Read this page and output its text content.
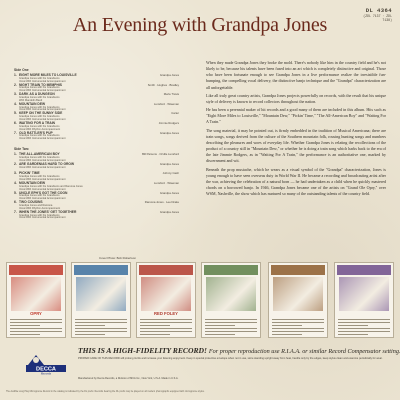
DL 4364
(ZDL 7137 · ZDL 7138)
An Evening with Grandpa Jones
Side One
1. EIGHT MORE MILES TO LOUISVILLE	Grandpa Jones
Grandpa Jones with his Grandsons
Vocal With Instrumental Accompaniment
2. NIGHT TRAIN TO MEMPHIS	Smith · Hughes · Bradley
Grandpa Jones with his Grandsons
Vocal With Instrumental Accompaniment
3. DARK AS A DUNGEON	Merle Travis
Grandpa Jones with his Grandsons
With Mandolin Band
4. MOUNTAIN DEW	Lunsford · Wiseman
Grandpa Jones with his Grandsons
Vocal With Instrumental Accompaniment
5. KEEP ON THE SUNNY SIDE	Carter
Grandpa Jones with his Grandsons
Vocal With Instrumental Accompaniment
6. WAITING FOR A TRAIN	Jimmie Rodgers
Grandpa Jones with his Grandsons
Vocal With Rhythm Accompaniment
7. OLD RATTLER'S PUP	Grandpa Jones
Grandpa Jones with his Grandsons
Vocal With Instrumental Accompaniment
Side Two
1. THE ALL-AMERICAN BOY	Bill Parsons · Orville Lunsford
Grandpa Jones with his Grandsons
Vocal With Instrumental Accompaniment
2. ARE GARDENIAS HARD TO GROW	Grandpa Jones
Vocal With Instrumental Accompaniment
3. PICKIN' TIME	Johnny Cash
Grandpa Jones with his Grandsons
Vocal With Instrumental Accompaniment
4. MOUNTAIN DEW	Lunsford · Wiseman
Grandpa Jones with his Grandsons and Ramona Jones
Vocal With Instrumental Accompaniment
5. UNCLE EPH'S GOT THE COON	Grandpa Jones
Grandpa Jones with his Grandsons
Vocal With Instrumental Accompaniment
6. TWO COUSINS	Ramona Jones · Lee Drake
Grandpa Jones and Ramona
Vocal With Rhythm Accompaniment
7. WHEN THE JONES' GET TOGETHER	Grandpa Jones
Grandpa Jones with his Grandsons
Vocal With Instrumental Accompaniment
Cover Photo: Bob Robertson

When they made Grandpa Jones they broke the mold. There's nobody like him in the country field and he's not likely to be, because his talents have been fused into an art which is completely distinctive and original. Those who have been fortunate enough to see Grandpa Jones in a live performance realize the irresistible fun-bumping, the compelling vocal delivery, the distinctive banjo technique and the "Grandpa" characterization are all unforgettable.

Like all truly great country artists, Grandpa Jones projects powerfully on records, with the result that his unique style of delivery is known to record collectors throughout the nation.

He has been a perennial maker of hit records and a good many of them are included in this album. Hits such as "Eight More Miles to Louisville," "Mountain Dew," "Pickin' Time," "The All-American Boy" and "Waiting For A Train."

The song material, it may be pointed out, is firmly embedded in the tradition of Musical Americana; there are train songs, songs derived from the culture of the Southern mountain folk, rousing hunting songs and numbers describing the pleasures and woes of everyday life. Whether Grandpa Jones is relating the recollections of the product of a country still in "Mountain Dew," or whether he is doing a train song which harks back to the era of the late Jimmie Rodgers, as in "Waiting For A Train," the performance is an authoritative one, marked by discernment and wit.

Beneath the prop mustache, which he wears as a visual symbol of the "Grandpa" characterization, Jones is young enough to have seen overseas duty in World War II. He became a recording and broadcasting artist after the war, achieving the celebration of a natural born — he had undertaken as a child when he quickly mastered chords on a borrowed banjo. In 1946, Grandpa Jones became one of the artists on "Grand Ole Opry," over WSM, Nashville, the show which has nurtured so many of the outstanding talents of the country field.

OPRY	RED FOLEY
DECCA
Records
THIS IS A HIGH-FIDELITY RECORD! For proper reproduction use R.I.A.A. or similar Record Compensator setting.
PROPER CARE OF THIS RECORD will prolong its life and increase your listening enjoyment. Keep in special protective envelope when not in use, store standing upright away from heat, handle only by the edges, keep stylus clean and examine periodically for wear.
Manufactured by Decca Records, a Division of MCA Inc., New York, U.S.A. Made in U.S.A.
The Audible Long Play Microgroove Record in the catalog is indicated by the DL prefix. Records bearing the DL prefix may be played on all modern phonographs equipped with microgroove stylus.
